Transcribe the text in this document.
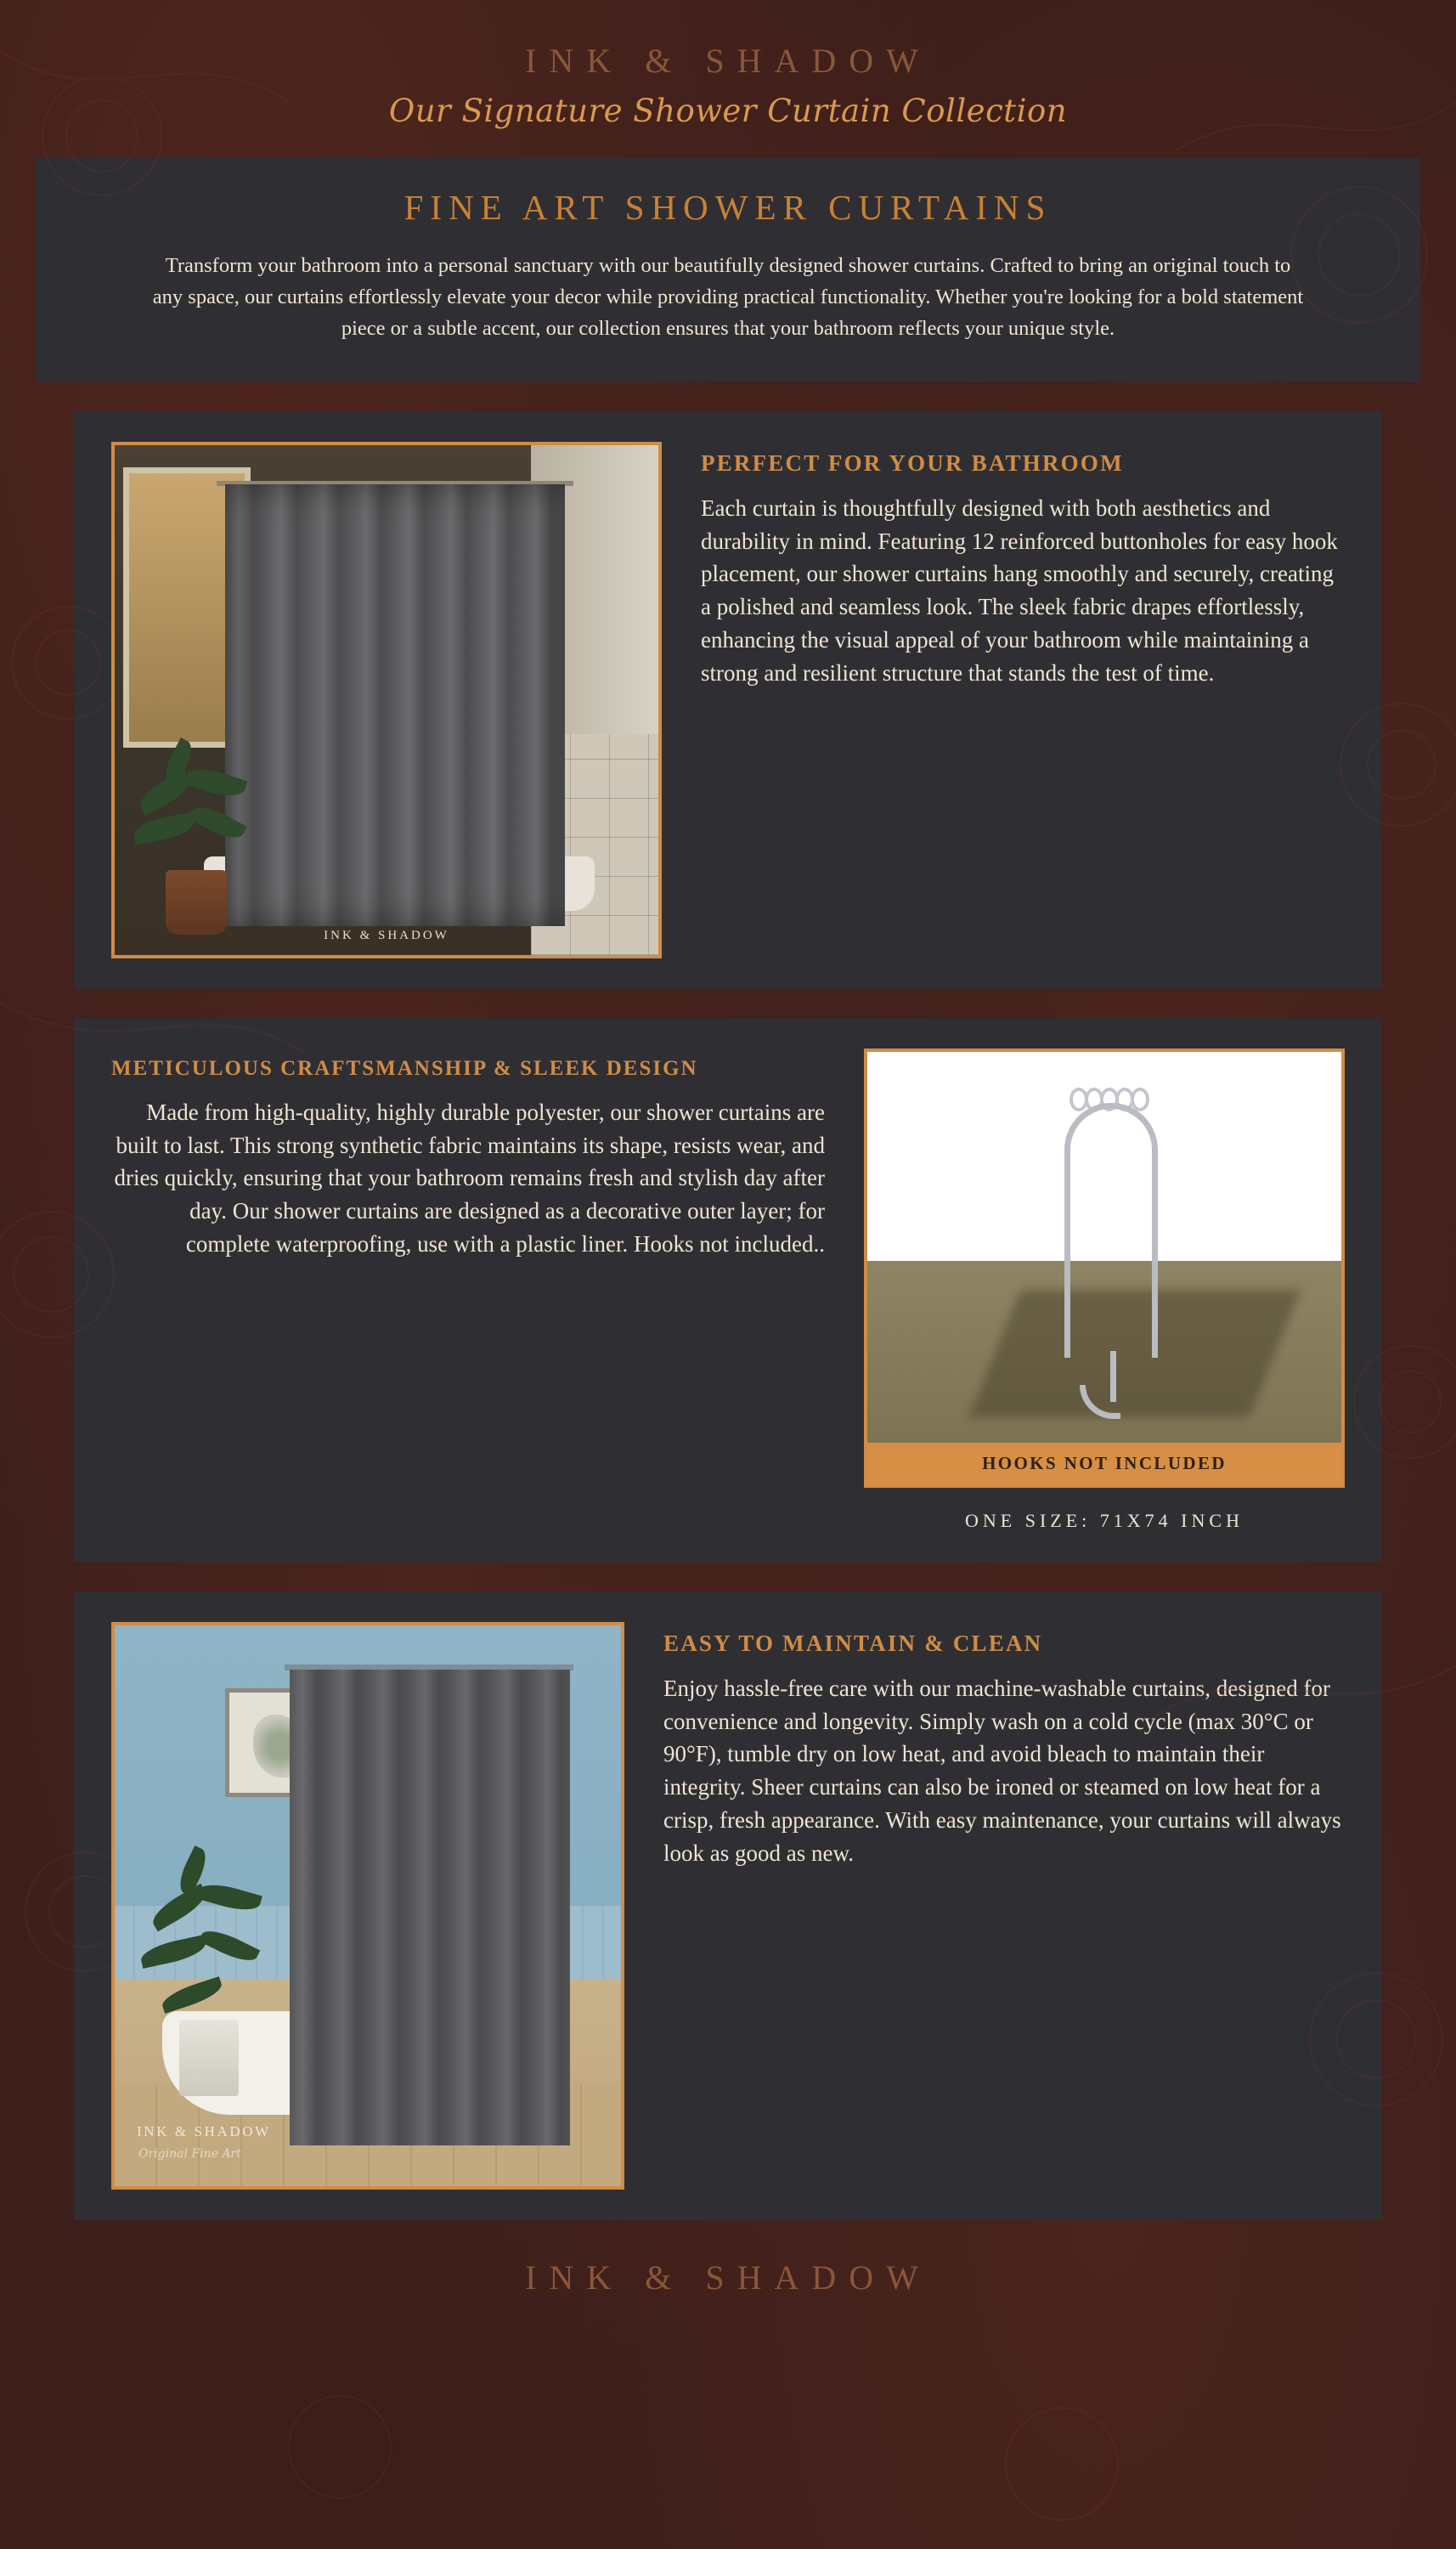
INK & SHADOW
Our Signature Shower Curtain Collection
FINE ART SHOWER CURTAINS
Transform your bathroom into a personal sanctuary with our beautifully designed shower curtains. Crafted to bring an original touch to any space, our curtains effortlessly elevate your decor while providing practical functionality. Whether you're looking for a bold statement piece or a subtle accent, our collection ensures that your bathroom reflects your unique style.
INK & SHADOW
PERFECT FOR YOUR BATHROOM
Each curtain is thoughtfully designed with both aesthetics and durability in mind. Featuring 12 reinforced buttonholes for easy hook placement, our shower curtains hang smoothly and securely, creating a polished and seamless look. The sleek fabric drapes effortlessly, enhancing the visual appeal of your bathroom while maintaining a strong and resilient structure that stands the test of time.
HOOKS NOT INCLUDED
ONE SIZE: 71X74 INCH
METICULOUS CRAFTSMANSHIP & SLEEK DESIGN
Made from high-quality, highly durable polyester, our shower curtains are built to last. This strong synthetic fabric maintains its shape, resists wear, and dries quickly, ensuring that your bathroom remains fresh and stylish day after day. Our shower curtains are designed as a decorative outer layer; for complete waterproofing, use with a plastic liner. Hooks not included..
INK & SHADOW
Original Fine Art
EASY TO MAINTAIN & CLEAN
Enjoy hassle-free care with our machine-washable curtains, designed for convenience and longevity. Simply wash on a cold cycle (max 30°C or 90°F), tumble dry on low heat, and avoid bleach to maintain their integrity. Sheer curtains can also be ironed or steamed on low heat for a crisp, fresh appearance. With easy maintenance, your curtains will always look as good as new.
INK & SHADOW
